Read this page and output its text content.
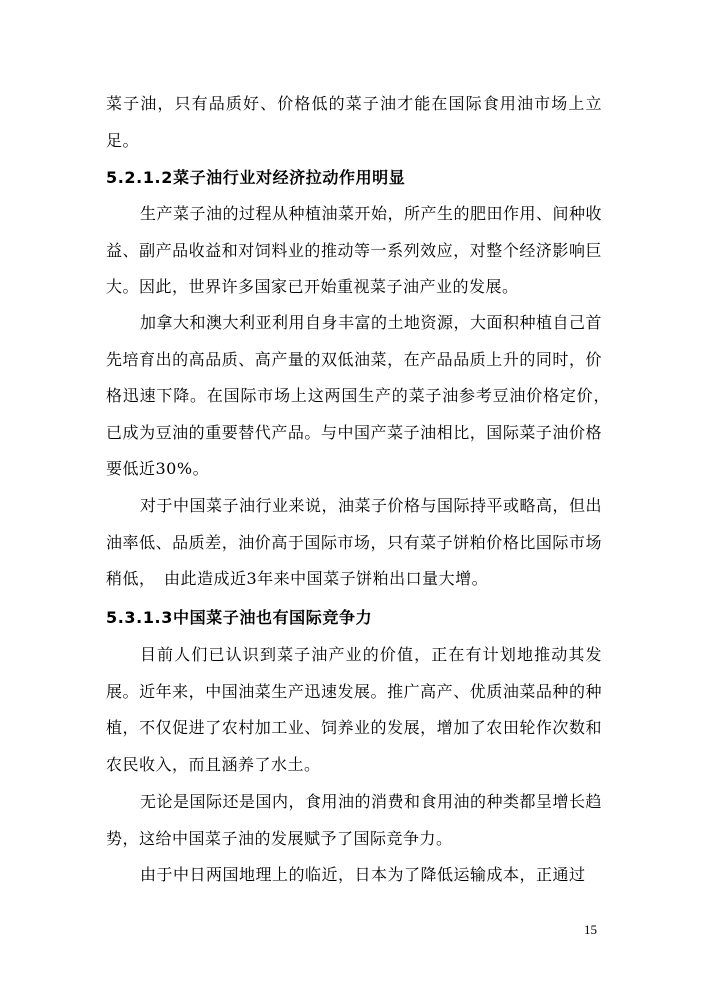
菜子油，只有品质好、价格低的菜子油才能在国际食用油市场上立足。

5.2.1.2菜子油行业对经济拉动作用明显

生产菜子油的过程从种植油菜开始，所产生的肥田作用、间种收益、副产品收益和对饲料业的推动等一系列效应，对整个经济影响巨大。因此，世界许多国家已开始重视菜子油产业的发展。

加拿大和澳大利亚利用自身丰富的土地资源，大面积种植自己首先培育出的高品质、高产量的双低油菜，在产品品质上升的同时，价格迅速下降。在国际市场上这两国生产的菜子油参考豆油价格定价，　已成为豆油的重要替代产品。与中国产菜子油相比，国际菜子油价格要低近30%。

对于中国菜子油行业来说，油菜子价格与国际持平或略高，但出油率低、品质差，油价高于国际市场，只有菜子饼粕价格比国际市场稍低，　由此造成近3年来中国菜子饼粕出口量大增。

5.3.1.3中国菜子油也有国际竞争力

目前人们已认识到菜子油产业的价值，正在有计划地推动其发展。近年来，中国油菜生产迅速发展。推广高产、优质油菜品种的种植，不仅促进了农村加工业、饲养业的发展，增加了农田轮作次数和农民收入，而且涵养了水土。

无论是国际还是国内，食用油的消费和食用油的种类都呈增长趋势，这给中国菜子油的发展赋予了国际竞争力。

由于中日两国地理上的临近，日本为了降低运输成本，正通过

15
